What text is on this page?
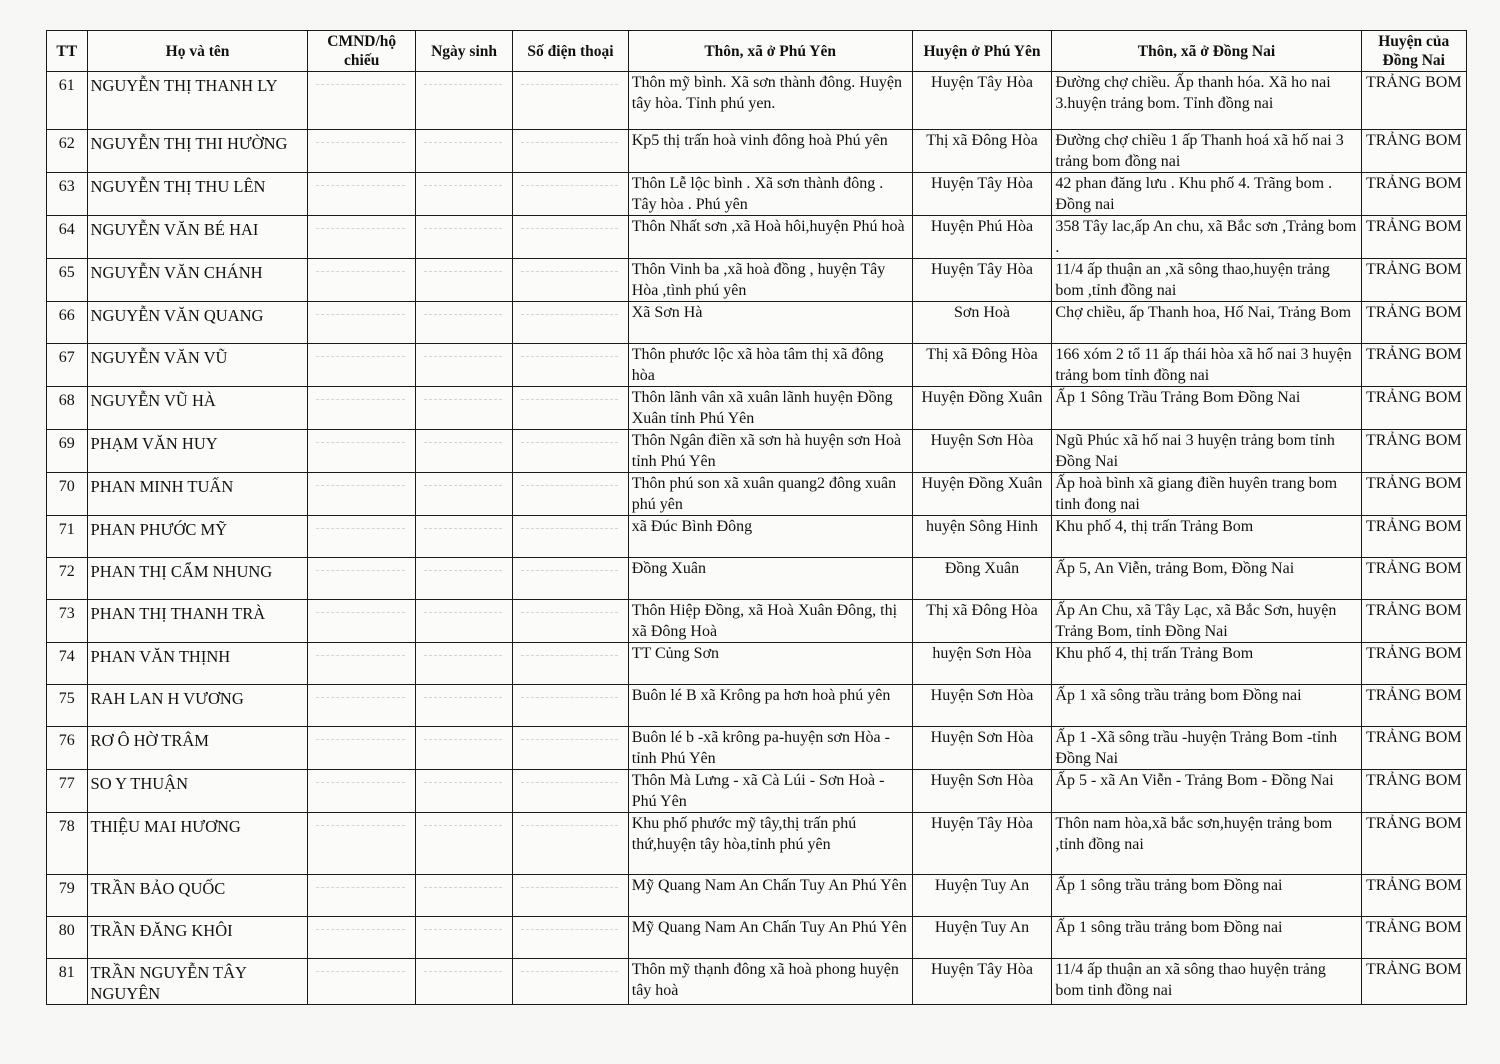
TT	Họ và tên	CMND/hộ chiếu	Ngày sinh	Số điện thoại	Thôn, xã ở Phú Yên	Huyện ở Phú Yên	Thôn, xã ở Đồng Nai	Huyện của Đồng Nai
61	NGUYỄN THỊ THANH LY				Thôn mỹ bình. Xã sơn thành đông. Huyện tây hòa. Tỉnh phú yen.	Huyện Tây Hòa	Đường chợ chiều. Ấp thanh hóa. Xã ho nai 3.huyện trảng bom. Tỉnh đồng nai	TRẢNG BOM
62	NGUYỄN THỊ THI HƯỜNG				Kp5 thị trấn hoà vinh đông hoà Phú yên	Thị xã Đông Hòa	Đường chợ chiều 1 ấp Thanh hoá xã hố nai 3 trảng bom đồng nai	TRẢNG BOM
63	NGUYỄN THỊ THU LÊN				Thôn Lễ lộc bình . Xã sơn thành đông . Tây hòa . Phú yên	Huyện Tây Hòa	42 phan đăng lưu . Khu phố 4. Trãng bom . Đồng nai	TRẢNG BOM
64	NGUYỄN VĂN BÉ HAI				Thôn Nhất sơn ,xã Hoà hôi,huyện Phú hoà	Huyện Phú Hòa	358 Tây lac,ấp An chu, xã Bắc sơn ,Trảng bom .	TRẢNG BOM
65	NGUYỄN VĂN CHÁNH				Thôn Vinh ba ,xã hoà đồng , huyện Tây Hòa ,tình phú yên	Huyện Tây Hòa	11/4 ấp thuận an ,xã sông thao,huyện trảng bom ,tỉnh đồng nai	TRẢNG BOM
66	NGUYỄN VĂN QUANG				Xã Sơn Hà	Sơn Hoà	Chợ chiều, ấp Thanh hoa, Hố Nai, Trảng Bom	TRẢNG BOM
67	NGUYỄN VĂN VŨ				Thôn phước lộc xã hòa tâm thị xã đông hòa	Thị xã Đông Hòa	166 xóm 2 tổ 11 ấp thái hòa xã hố nai 3 huyện trảng bom tỉnh đồng nai	TRẢNG BOM
68	NGUYỄN VŨ HÀ				Thôn lãnh vân xã xuân lãnh huyện Đồng Xuân tỉnh Phú Yên	Huyện Đồng Xuân	Ấp 1 Sông Trầu Trảng Bom Đồng Nai	TRẢNG BOM
69	PHẠM VĂN HUY				Thôn Ngân điền xã sơn hà huyện sơn Hoà tỉnh Phú Yên	Huyện Sơn Hòa	Ngũ Phúc xã hố nai 3 huyện trảng bom tỉnh Đồng Nai	TRẢNG BOM
70	PHAN MINH TUẤN				Thôn phú son xã xuân quang2 đông xuân phú yên	Huyện Đồng Xuân	Ấp hoà bình xã giang điền huyên trang bom tinh đong nai	TRẢNG BOM
71	PHAN PHƯỚC MỸ				xã Đúc Bình Đông	huyện Sông Hinh	Khu phố 4, thị trấn Trảng Bom	TRẢNG BOM
72	PHAN THỊ CẨM NHUNG				Đồng Xuân	Đồng Xuân	Ấp 5, An Viễn, trảng Bom, Đồng Nai	TRẢNG BOM
73	PHAN THỊ THANH TRÀ				Thôn Hiệp Đồng, xã Hoà Xuân Đông, thị xã Đông Hoà	Thị xã Đông Hòa	Ấp An Chu, xã Tây Lạc, xã Bắc Sơn, huyện Trảng Bom, tỉnh Đồng Nai	TRẢNG BOM
74	PHAN VĂN THỊNH				TT Củng Sơn	huyện Sơn Hòa	Khu phố 4, thị trấn Trảng Bom	TRẢNG BOM
75	RAH LAN H VƯƠNG				Buôn lé B xã Krông pa hơn hoà phú yên	Huyện Sơn Hòa	Ấp 1 xã sông trầu trảng bom Đồng nai	TRẢNG BOM
76	RƠ Ô HỜ TRÂM				Buôn lé b -xã krông pa-huyện sơn Hòa -tỉnh Phú Yên	Huyện Sơn Hòa	Ấp 1 -Xã sông trầu -huyện Trảng Bom -tỉnh Đồng Nai	TRẢNG BOM
77	SO Y THUẬN				Thôn Mà Lưng - xã Cà Lúi - Sơn Hoà - Phú Yên	Huyện Sơn Hòa	Ấp 5 - xã An Viễn - Trảng Bom - Đồng Nai	TRẢNG BOM
78	THIỆU MAI HƯƠNG				Khu phố phước mỹ tây,thị trấn phú thứ,huyện tây hòa,tỉnh phú yên	Huyện Tây Hòa	Thôn nam hòa,xã bắc sơn,huyện trảng bom ,tỉnh đồng nai	TRẢNG BOM
79	TRẦN BẢO QUỐC				Mỹ Quang Nam An Chấn Tuy An Phú Yên	Huyện Tuy An	Ấp 1 sông trầu trảng bom Đồng nai	TRẢNG BOM
80	TRẦN ĐĂNG KHÔI				Mỹ Quang Nam An Chấn Tuy An Phú Yên	Huyện Tuy An	Ấp 1 sông trầu trảng bom Đồng nai	TRẢNG BOM
81	TRẦN NGUYỄN TÂY NGUYÊN				Thôn mỹ thạnh đông xã hoà phong huyện tây hoà	Huyện Tây Hòa	11/4 ấp thuận an xã sông thao huyện trảng bom tinh đồng nai	TRẢNG BOM
